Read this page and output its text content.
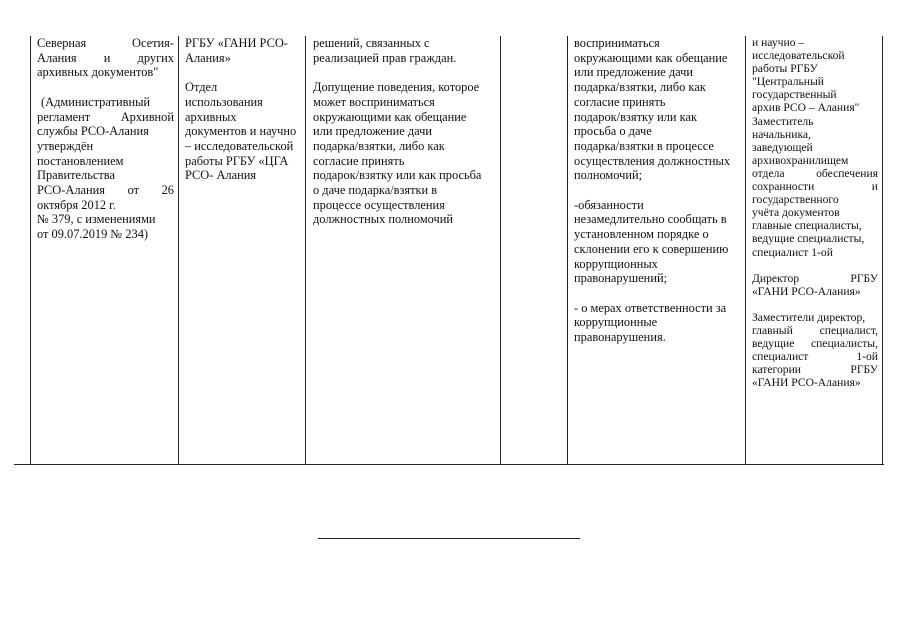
Северная Осетия-

Алания и других

архивных документов"

(Административный

регламент Архивной

службы РСО-Алания

утверждён

постановлением

Правительства

РСО-Алания от 26

октября 2012 г.

№ 379, с изменениями

от 09.07.2019 № 234)

РГБУ «ГАНИ РСО-

Алания»

Отдел

использования

архивных

документов и научно

– исследовательской

работы РГБУ «ЦГА

РСО- Алания

решений, связанных с

реализацией прав граждан.

Допущение поведения, которое

может восприниматься

окружающими как обещание

или предложение дачи

подарка/взятки, либо как

согласие принять

подарок/взятку или как просьба

о даче подарка/взятки в

процессе осуществления

должностных полномочий

восприниматься

окружающими как обещание

или предложение дачи

подарка/взятки, либо как

согласие принять

подарок/взятку или как

просьба о даче

подарка/взятки в процессе

осуществления должностных

полномочий;

-обязанности

незамедлительно сообщать в

установленном порядке о

склонении его к совершению

коррупционных

правонарушений;

- о мерах ответственности за

коррупционные

правонарушения.

и научно –

исследовательской

работы РГБУ

"Центральный

государственный

архив РСО – Алания"

Заместитель

начальника,

заведующей

архивохранилищем

отдела обеспечения

сохранности и

государственного

учёта документов

главные специалисты,

ведущие специалисты,

специалист 1-ой

Директор РГБУ

«ГАНИ РСО-Алания»

Заместители директор,

главный специалист,

ведущие специалисты,

специалист 1-ой

категории РГБУ

«ГАНИ РСО-Алания»
